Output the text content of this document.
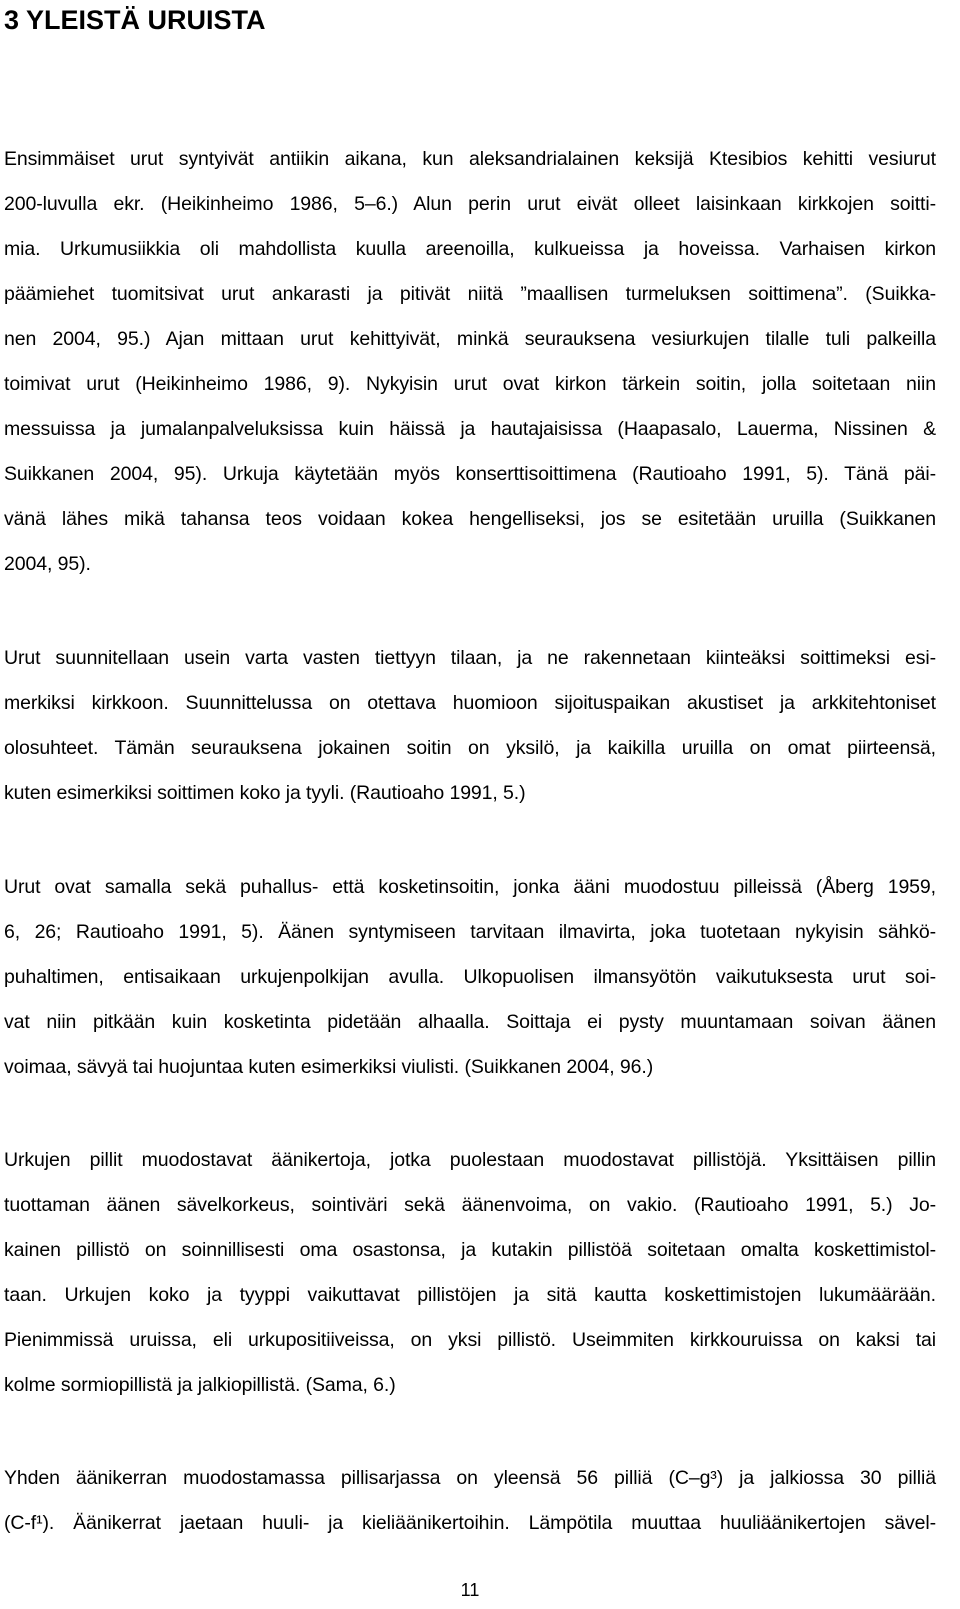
3 YLEISTÄ URUISTA
Ensimmäiset urut syntyivät antiikin aikana, kun aleksandrialainen keksijä Ktesibios kehitti vesiurut
200-luvulla ekr. (Heikinheimo 1986, 5–6.) Alun perin urut eivät olleet laisinkaan kirkkojen soitti-
mia. Urkumusiikkia oli mahdollista kuulla areenoilla, kulkueissa ja hoveissa. Varhaisen kirkon
päämiehet tuomitsivat urut ankarasti ja pitivät niitä ”maallisen turmeluksen soittimena”. (Suikka-
nen 2004, 95.) Ajan mittaan urut kehittyivät, minkä seurauksena vesiurkujen tilalle tuli palkeilla
toimivat urut (Heikinheimo 1986, 9). Nykyisin urut ovat kirkon tärkein soitin, jolla soitetaan niin
messuissa ja jumalanpalveluksissa kuin häissä ja hautajaisissa (Haapasalo, Lauerma, Nissinen &
Suikkanen 2004, 95). Urkuja käytetään myös konserttisoittimena (Rautioaho 1991, 5). Tänä päi-
vänä lähes mikä tahansa teos voidaan kokea hengelliseksi, jos se esitetään uruilla (Suikkanen
2004, 95).
Urut suunnitellaan usein varta vasten tiettyyn tilaan, ja ne rakennetaan kiinteäksi soittimeksi esi-
merkiksi kirkkoon. Suunnittelussa on otettava huomioon sijoituspaikan akustiset ja arkkitehtoniset
olosuhteet. Tämän seurauksena jokainen soitin on yksilö, ja kaikilla uruilla on omat piirteensä,
kuten esimerkiksi soittimen koko ja tyyli. (Rautioaho 1991, 5.)
Urut ovat samalla sekä puhallus- että kosketinsoitin, jonka ääni muodostuu pilleissä (Åberg 1959,
6, 26; Rautioaho 1991, 5). Äänen syntymiseen tarvitaan ilmavirta, joka tuotetaan nykyisin sähkö-
puhaltimen, entisaikaan urkujenpolkijan avulla. Ulkopuolisen ilmansyötön vaikutuksesta urut soi-
vat niin pitkään kuin kosketinta pidetään alhaalla. Soittaja ei pysty muuntamaan soivan äänen
voimaa, sävyä tai huojuntaa kuten esimerkiksi viulisti. (Suikkanen 2004, 96.)
Urkujen pillit muodostavat äänikertoja, jotka puolestaan muodostavat pillistöjä. Yksittäisen pillin
tuottaman äänen sävelkorkeus, sointiväri sekä äänenvoima, on vakio. (Rautioaho 1991, 5.) Jo-
kainen pillistö on soinnillisesti oma osastonsa, ja kutakin pillistöä soitetaan omalta koskettimistol-
taan. Urkujen koko ja tyyppi vaikuttavat pillistöjen ja sitä kautta koskettimistojen lukumäärään.
Pienimmissä uruissa, eli urkupositiiveissa, on yksi pillistö. Useimmiten kirkkouruissa on kaksi tai
kolme sormiopillistä ja jalkiopillistä. (Sama, 6.)
Yhden äänikerran muodostamassa pillisarjassa on yleensä 56 pilliä (C–g³) ja jalkiossa 30 pilliä
(C-f¹). Äänikerrat jaetaan huuli- ja kieliäänikertoihin. Lämpötila muuttaa huuliäänikertojen sävel-
11
